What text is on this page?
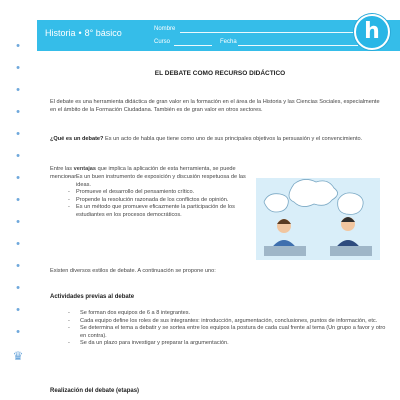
•
•
•
•
•
•
•
•
•
•
•
•
•
•
♛
Historia • 8° básico	Nombre
Curso	Fecha	h
EL DEBATE COMO RECURSO DIDÁCTICO

El debate es una herramienta didáctica de gran valor en la formación en el área de la Historia y las Ciencias Sociales, especialmente en el ámbito de la Formación Ciudadana. También es de gran valor en otros sectores.

¿Qué es un debate? Es un acto de habla que tiene como uno de sus principales objetivos la persuasión y el convencimiento.

Entre las ventajas que implica la aplicación de esta herramienta, se puede mencionar:

- Es un buen instrumento de exposición y discusión respetuosa de las ideas.
- Promueve el desarrollo del pensamiento crítico.
- Propende la resolución razonada de los conflictos de opinión.
- Es un método que promueve eficazmente la participación de los estudiantes en los procesos democráticos.

Existen diversos estilos de debate. A continuación se propone uno:

Actividades previas al debate
- Se forman dos equipos de 6 a 8 integrantes.
- Cada equipo define los roles de sus integrantes: introducción, argumentación, conclusiones, puntos de información, etc.
- Se determina el tema a debatir y se sortea entre los equipos la postura de cada cual frente al tema (Un grupo a favor y otro en contra).
- Se da un plazo para investigar y preparar la argumentación.
Realización del debate (etapas)
